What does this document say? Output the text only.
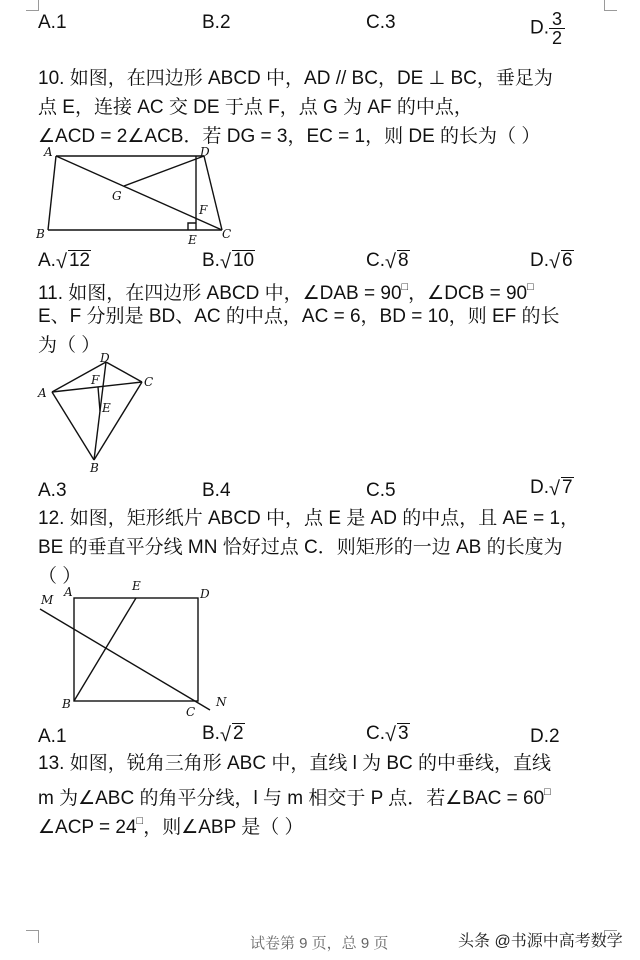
A.1	B.2	C.3	D. $\frac{3}{2}$
10. 如图，在四边形 ABCD 中，AD // BC，DE ⊥ BC，垂足为
点 E，连接 AC 交 DE 于点 F，点 G 为 AF 的中点，
∠ACD = 2∠ACB．若 DG = 3，EC = 1，则 DE 的长为（ ）
A	D
G
F
B	E C
A.√ 12	B.√ 10	C.√ 8	D.√ 6
11. 如图，在四边形 ABCD 中，∠DAB = 90□，∠DCB = 90□
E、F 分别是 BD、AC 的中点，AC = 6，BD = 10，则 EF 的长
为（ ）
D
F	C
A
E
B
A.3	B.4	C.5	D.√ 7
12. 如图，矩形纸片 ABCD 中，点 E 是 AD 的中点，且 AE = 1，
BE 的垂直平分线 MN 恰好过点 C．则矩形的一边 AB 的长度为
（ ）
M
A	E
D
B
C
N
A.1	B.√ 2	C.√ 3	D.2
13. 如图，锐角三角形 ABC 中，直线 l 为 BC 的中垂线，直线
m 为∠ABC 的角平分线，l 与 m 相交于 P 点．若∠BAC = 60□
∠ACP = 24□，则∠ABP 是（ ）
试卷第 9 页，总 9 页	头条 @书源中高考数学
